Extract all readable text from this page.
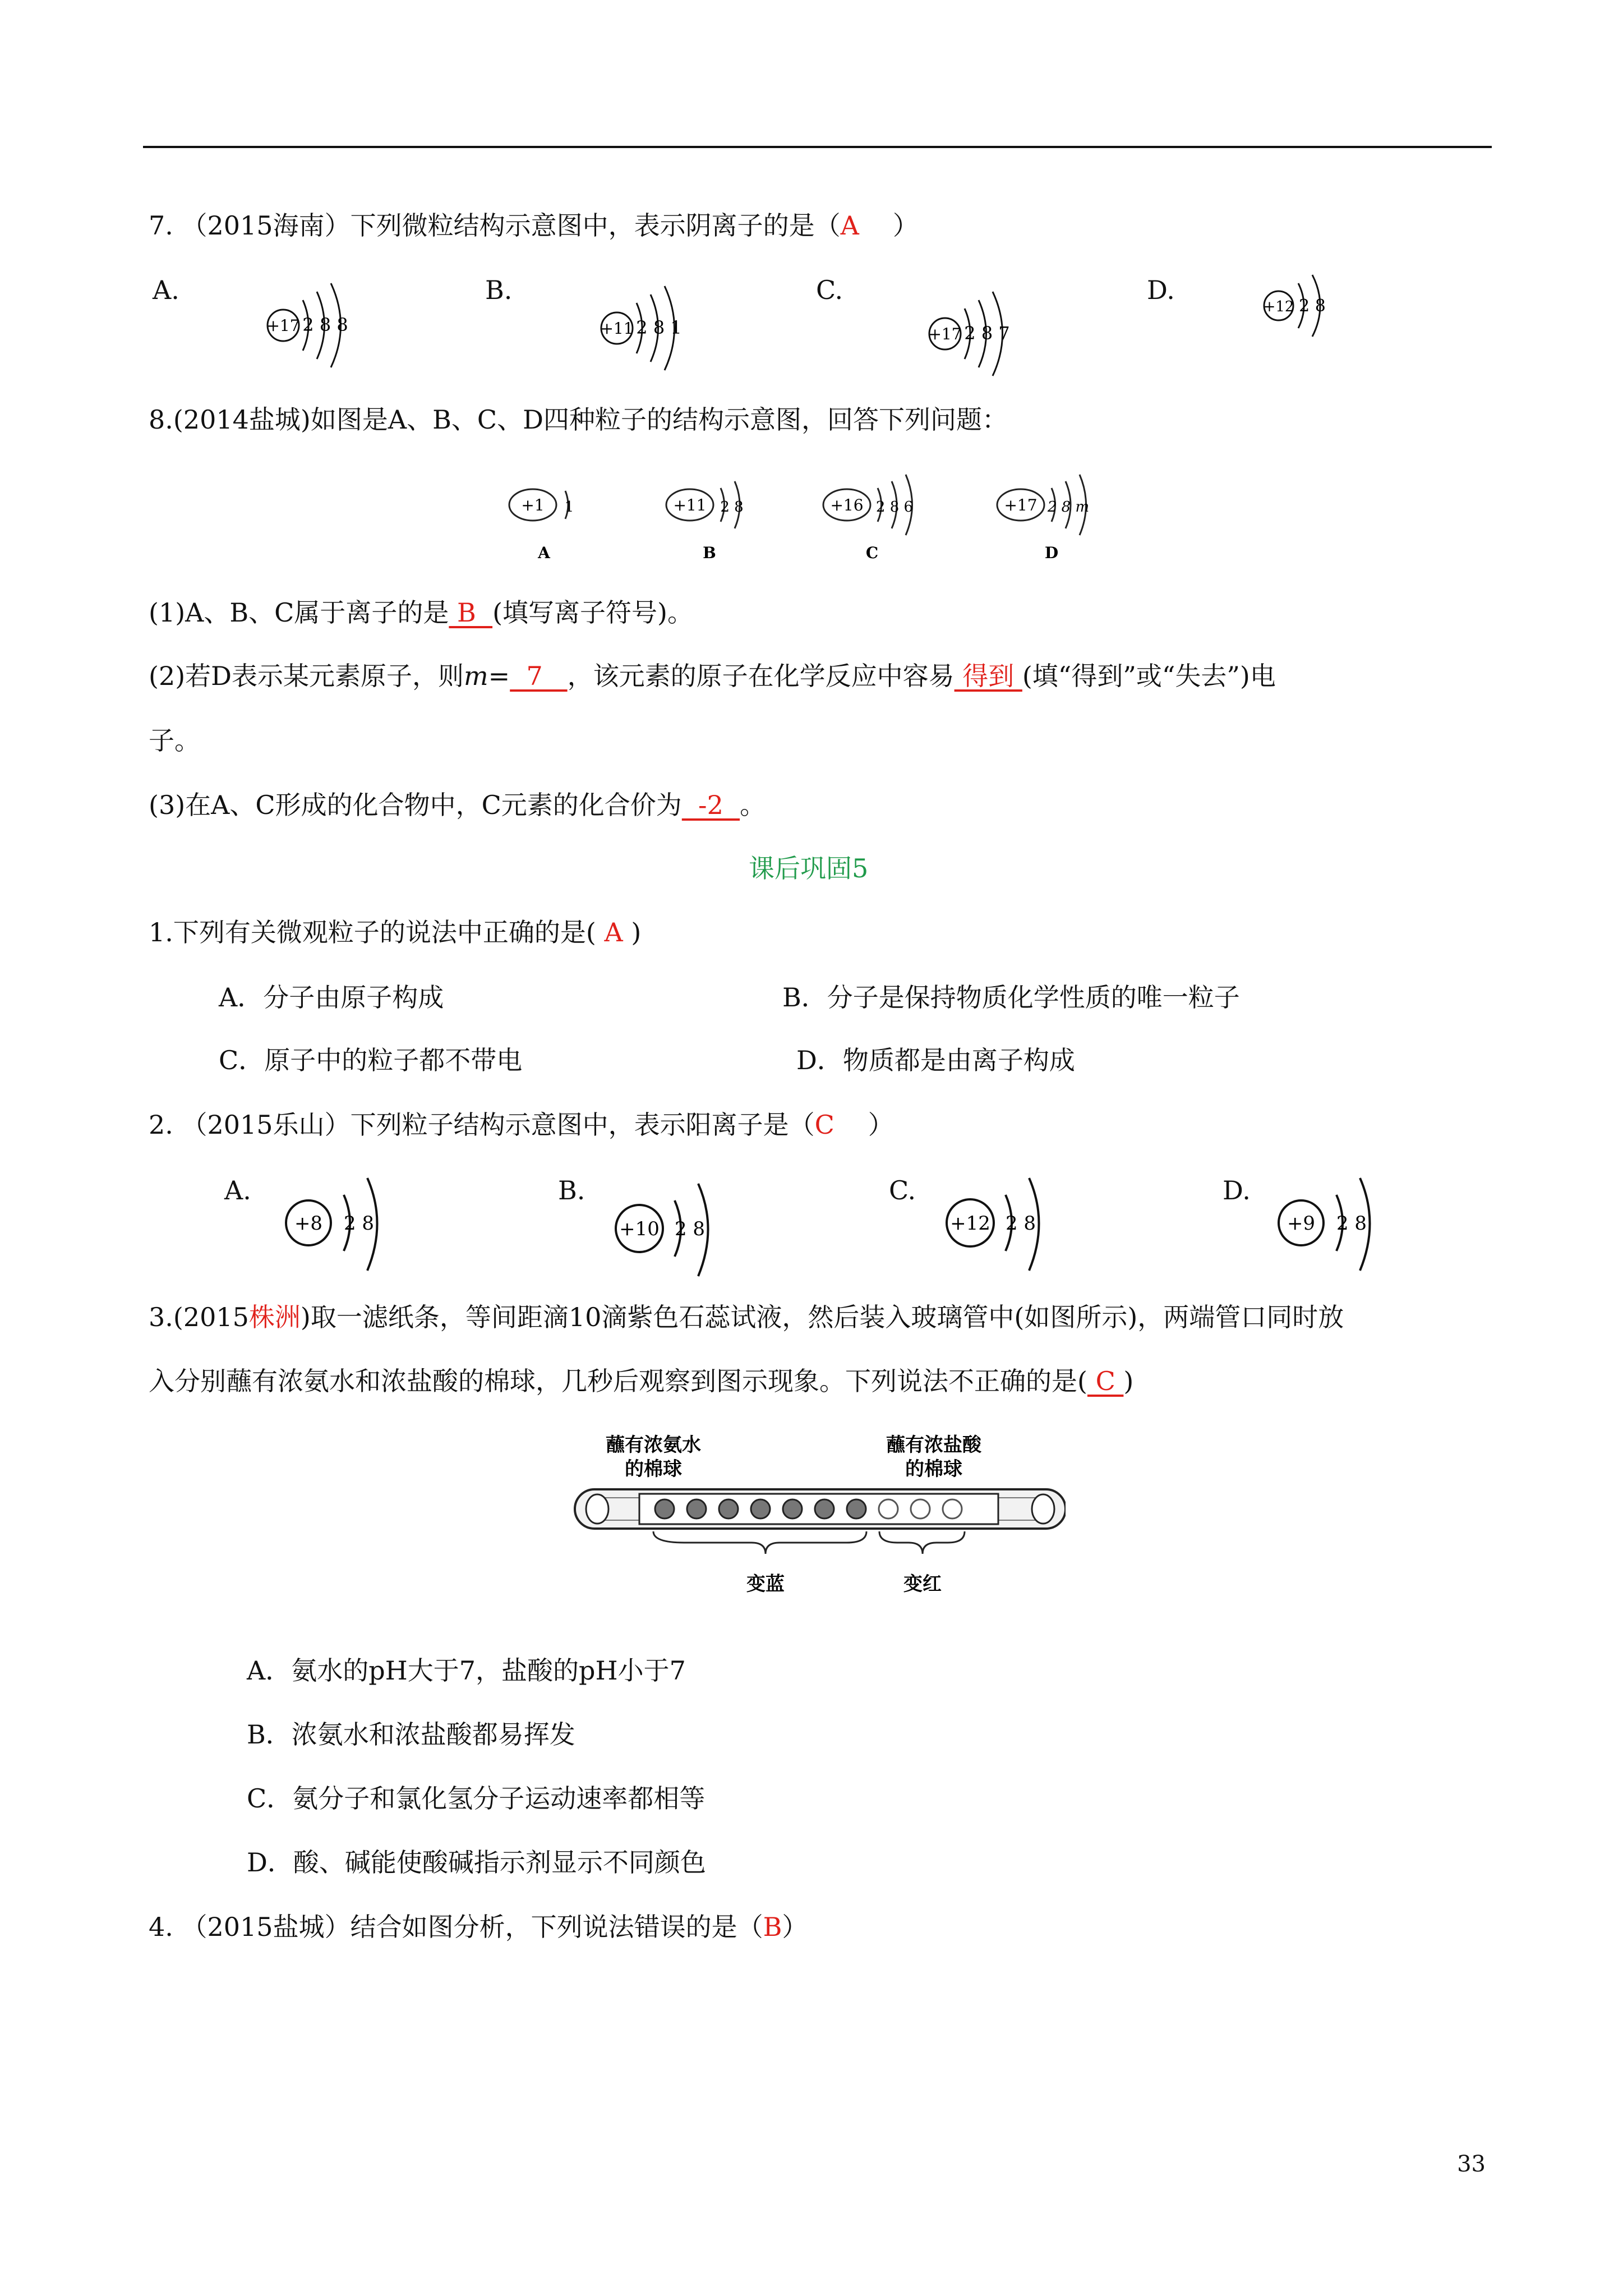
7. （2015海南）下列微粒结构示意图中，表示阴离子的是（A ）
A.
+17 2 8 8
B.
+11 2 8 1
C.
+17 2 8 7
D.
+12 2 8
8.(2014盐城)如图是A、B、C、D四种粒子的结构示意图，回答下列问题：
+1 1
A
+11 2 8
B
+16 2 8 6
C
+17 2 8 m
D
(1)A、B、C属于离子的是 B  (填写离子符号)。
(2)若D表示某元素原子，则m=  7   ，该元素的原子在化学反应中容易 得到 (填“得到”或“失去”)电
子。
(3)在A、C形成的化合物中，C元素的化合价为  -2  。
课后巩固5
1.下列有关微观粒子的说法中正确的是( A )
A．分子由原子构成	B．分子是保持物质化学性质的唯一粒子
C．原子中的粒子都不带电	D．物质都是由离子构成
2. （2015乐山）下列粒子结构示意图中，表示阳离子是（C ）
A.
+8 2 8
B.
+10 2 8
C.
+12 2 8
D.
+9 2 8
3.(2015株洲)取一滤纸条，等间距滴10滴紫色石蕊试液，然后装入玻璃管中(如图所示)，两端管口同时放
入分别蘸有浓氨水和浓盐酸的棉球，几秒后观察到图示现象。下列说法不正确的是( C )
蘸有浓氨水
的棉球
蘸有浓盐酸
的棉球
变蓝	变红
A．氨水的pH大于7，盐酸的pH小于7
B．浓氨水和浓盐酸都易挥发
C．氨分子和氯化氢分子运动速率都相等
D．酸、碱能使酸碱指示剂显示不同颜色
4. （2015盐城）结合如图分析，下列说法错误的是（B）
33
